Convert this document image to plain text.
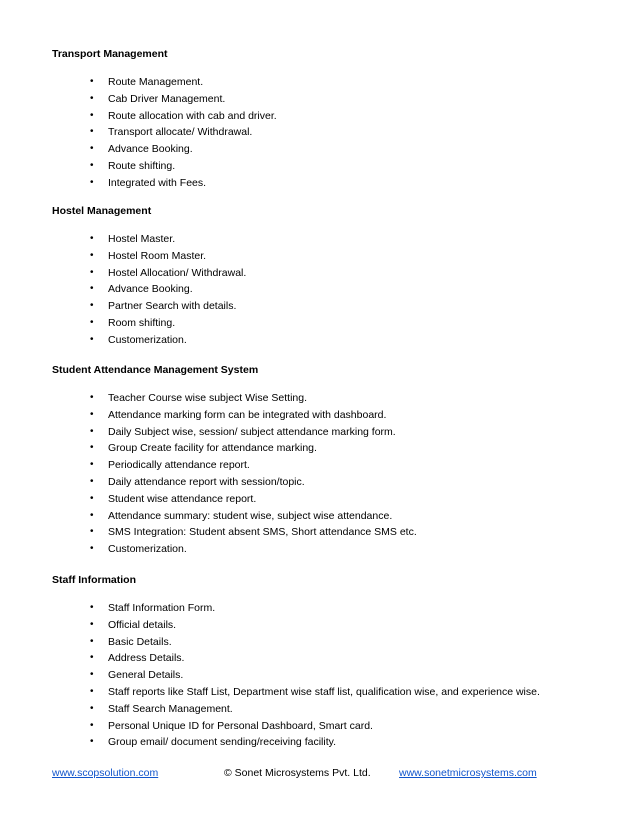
Transport Management

• Route Management.
• Cab Driver Management.
• Route allocation with cab and driver.
• Transport allocate/ Withdrawal.
• Advance Booking.
• Route shifting.
• Integrated with Fees.

Hostel Management

• Hostel Master.
• Hostel Room Master.
• Hostel Allocation/ Withdrawal.
• Advance Booking.
• Partner Search with details.
• Room shifting.
• Customerization.

Student Attendance Management System

• Teacher Course wise subject Wise Setting.
• Attendance marking form can be integrated with dashboard.
• Daily Subject wise, session/ subject attendance marking form.
• Group Create facility for attendance marking.
• Periodically attendance report.
• Daily attendance report with session/topic.
• Student wise attendance report.
• Attendance summary: student wise, subject wise attendance.
• SMS Integration: Student absent SMS, Short attendance SMS etc.
• Customerization.

Staff Information

• Staff Information Form.
• Official details.
• Basic Details.
• Address Details.
• General Details.
• Staff reports like Staff List, Department wise staff list, qualification wise, and experience wise.
• Staff Search Management.
• Personal Unique ID for Personal Dashboard, Smart card.
• Group email/ document sending/receiving facility.
www.scopsolution.com	© Sonet Microsystems Pvt. Ltd.	www.sonetmicrosystems.com
